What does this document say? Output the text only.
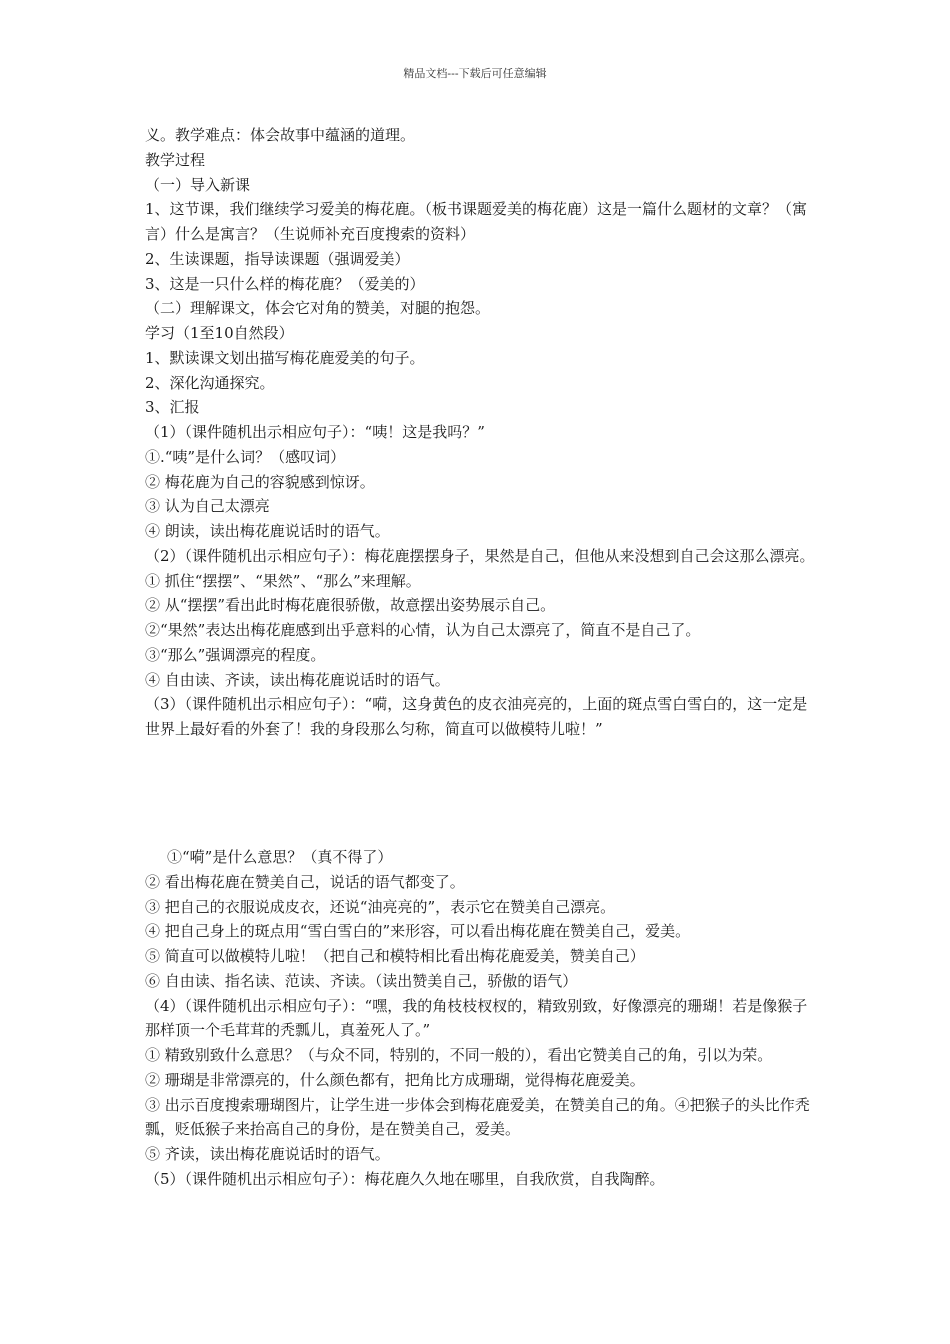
精品文档---下载后可任意编辑

义。教学难点：体会故事中蕴涵的道理。

教学过程

（一）导入新课

1、这节课，我们继续学习爱美的梅花鹿。（板书课题爱美的梅花鹿）这是一篇什么题材的文章？（寓言）什么是寓言？（生说师补充百度搜索的资料）

2、生读课题，指导读课题（强调爱美）

3、这是一只什么样的梅花鹿？（爱美的）

（二）理解课文，体会它对角的赞美，对腿的抱怨。

学习（1至10自然段）

1、默读课文划出描写梅花鹿爱美的句子。

2、深化沟通探究。

3、汇报

（1）（课件随机出示相应句子）：“咦！这是我吗？”

①.“咦”是什么词？（感叹词）

② 梅花鹿为自己的容貌感到惊讶。

③ 认为自己太漂亮

④ 朗读，读出梅花鹿说话时的语气。

（2）（课件随机出示相应句子）：梅花鹿摆摆身子，果然是自己，但他从来没想到自己会这那么漂亮。

① 抓住“摆摆”、“果然”、“那么”来理解。

② 从“摆摆”看出此时梅花鹿很骄傲，故意摆出姿势展示自己。

②“果然”表达出梅花鹿感到出乎意料的心情，认为自己太漂亮了，简直不是自己了。

③“那么”强调漂亮的程度。

④ 自由读、齐读，读出梅花鹿说话时的语气。

（3）（课件随机出示相应句子）：“嗬，这身黄色的皮衣油亮亮的，上面的斑点雪白雪白的，这一定是世界上最好看的外套了！我的身段那么匀称，简直可以做模特儿啦！”

①“嗬”是什么意思？（真不得了）

② 看出梅花鹿在赞美自己，说话的语气都变了。

③ 把自己的衣服说成皮衣，还说“油亮亮的”，表示它在赞美自己漂亮。

④ 把自己身上的斑点用“雪白雪白的”来形容，可以看出梅花鹿在赞美自己，爱美。

⑤ 简直可以做模特儿啦！（把自己和模特相比看出梅花鹿爱美，赞美自己）

⑥ 自由读、指名读、范读、齐读。（读出赞美自己，骄傲的语气）

（4）（课件随机出示相应句子）：“嘿，我的角枝枝杈杈的，精致别致，好像漂亮的珊瑚！若是像猴子那样顶一个毛茸茸的秃瓢儿，真羞死人了。”

① 精致别致什么意思？（与众不同，特别的，不同一般的），看出它赞美自己的角，引以为荣。

② 珊瑚是非常漂亮的，什么颜色都有，把角比方成珊瑚，觉得梅花鹿爱美。

③ 出示百度搜索珊瑚图片，让学生进一步体会到梅花鹿爱美，在赞美自己的角。④把猴子的头比作秃瓢，贬低猴子来抬高自己的身份，是在赞美自己，爱美。

⑤ 齐读，读出梅花鹿说话时的语气。

（5）（课件随机出示相应句子）：梅花鹿久久地在哪里，自我欣赏，自我陶醉。
